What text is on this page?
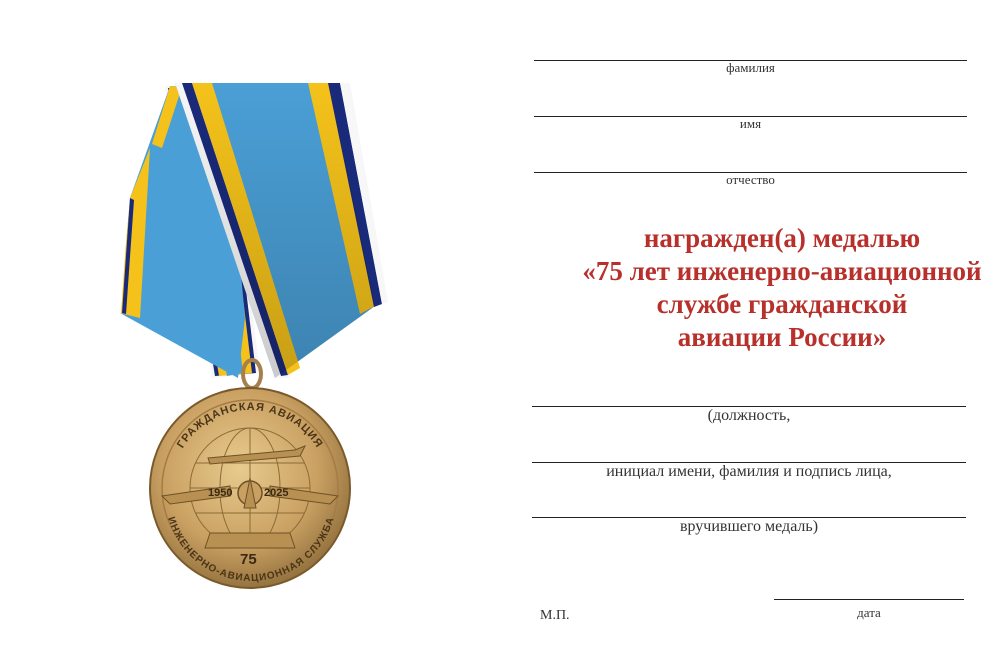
1950	2025
75
ГРАЖДАНСКАЯ АВИАЦИЯ
ИНЖЕНЕРНО-АВИАЦИОННАЯ СЛУЖБА
фамилия
имя
отчество
награжден(а) медалью
«75 лет инженерно-авиационной
службе гражданской
авиации России»
(должность,
инициал имени, фамилия и подпись лица,
вручившего медаль)
М.П.	дата
